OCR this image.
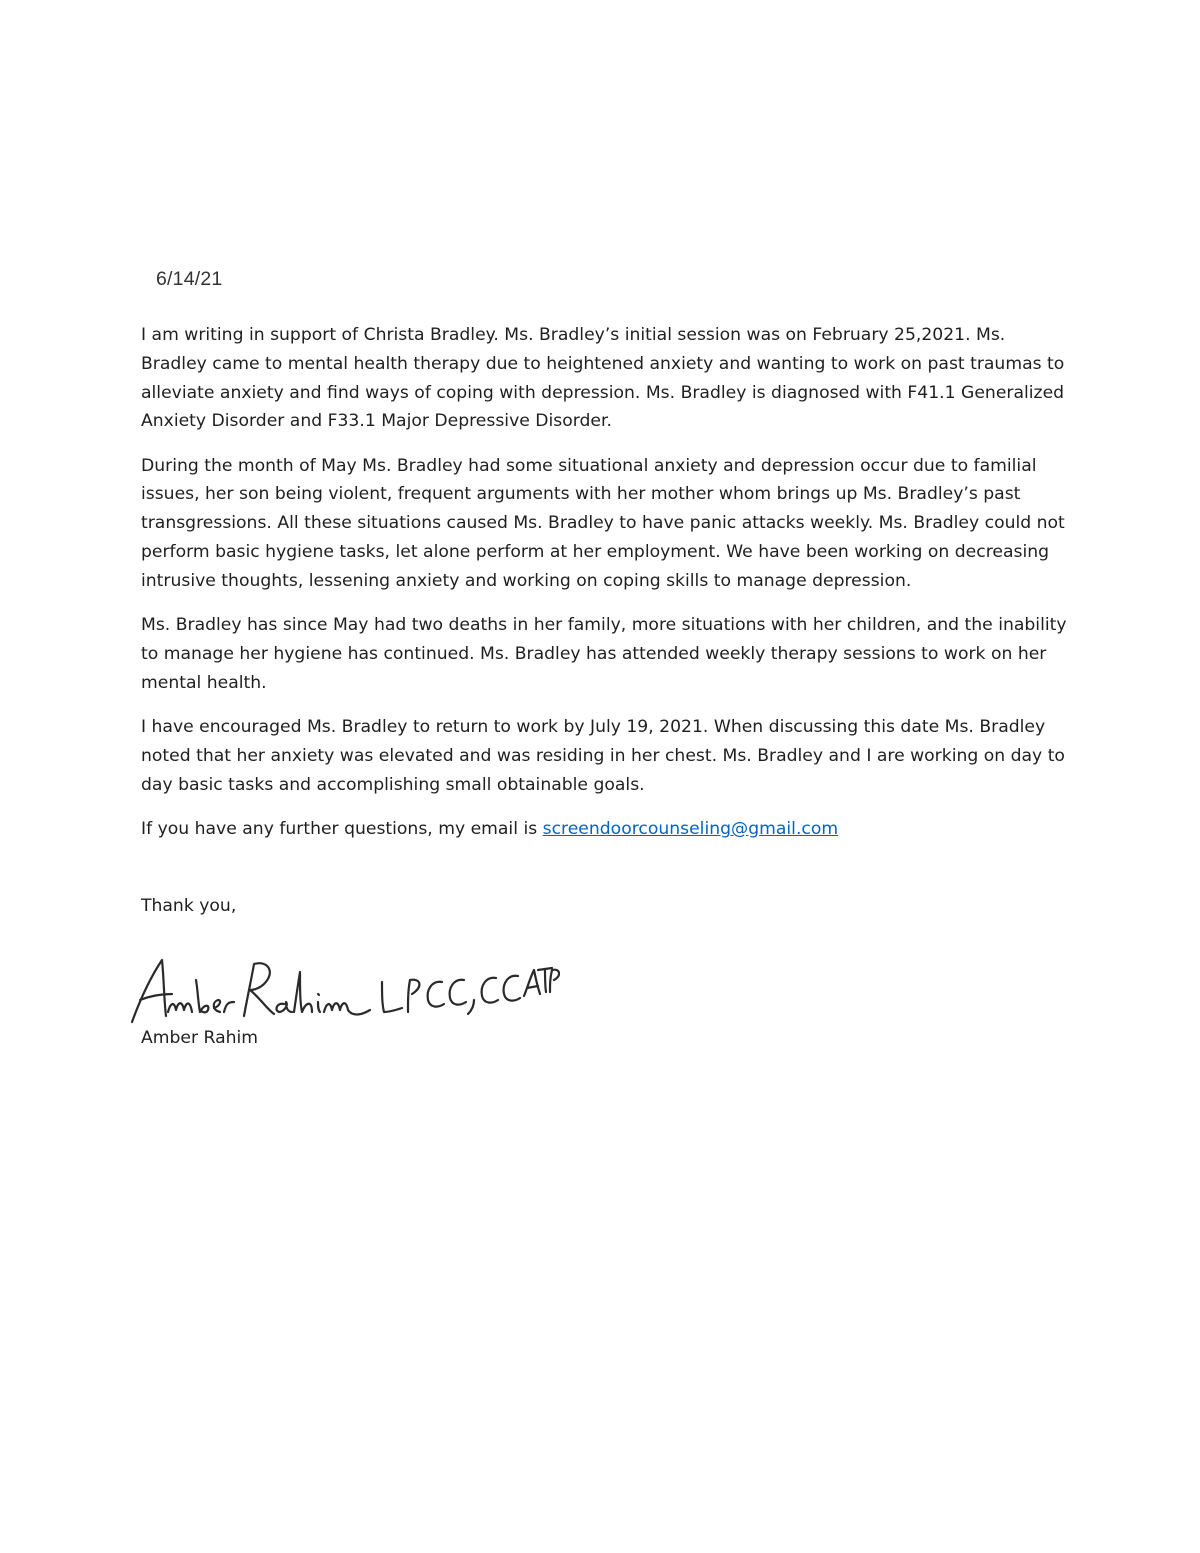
6/14/21

I am writing in support of Christa Bradley. Ms. Bradley’s initial session was on February 25,2021. Ms. Bradley came to mental health therapy due to heightened anxiety and wanting to work on past traumas to alleviate anxiety and find ways of coping with depression. Ms. Bradley is diagnosed with F41.1 Generalized Anxiety Disorder and F33.1 Major Depressive Disorder.

During the month of May Ms. Bradley had some situational anxiety and depression occur due to familial issues, her son being violent, frequent arguments with her mother whom brings up Ms. Bradley’s past transgressions. All these situations caused Ms. Bradley to have panic attacks weekly. Ms. Bradley could not perform basic hygiene tasks, let alone perform at her employment. We have been working on decreasing intrusive thoughts, lessening anxiety and working on coping skills to manage depression.

Ms. Bradley has since May had two deaths in her family, more situations with her children, and the inability to manage her hygiene has continued. Ms. Bradley has attended weekly therapy sessions to work on her mental health.

I have encouraged Ms. Bradley to return to work by July 19, 2021. When discussing this date Ms. Bradley noted that her anxiety was elevated and was residing in her chest. Ms. Bradley and I are working on day to day basic tasks and accomplishing small obtainable goals.

If you have any further questions, my email is screendoorcounseling@gmail.com

Thank you,
Amber Rahim
